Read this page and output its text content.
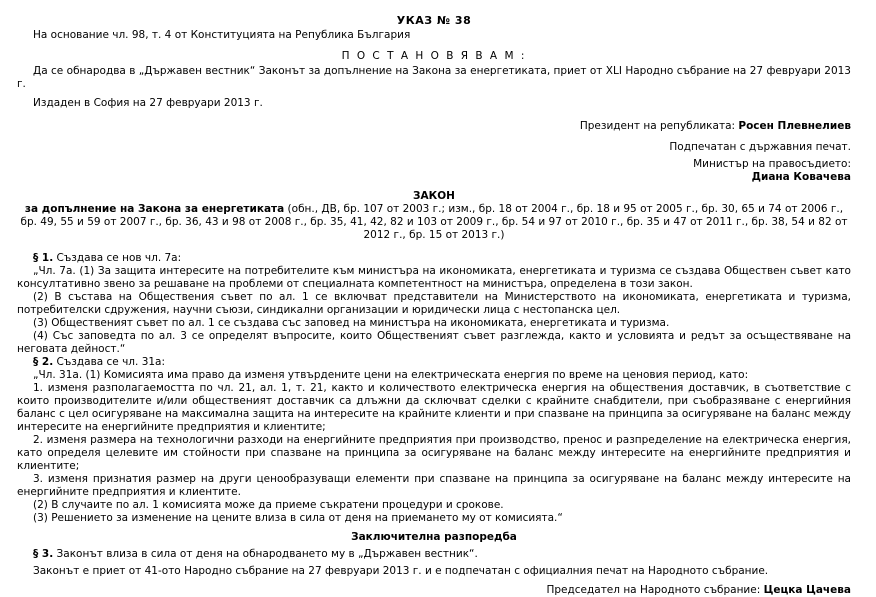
УКАЗ № 38

На основание чл. 98, т. 4 от Конституцията на Република България

П О С Т А Н О В Я В А М :

Да се обнародва в „Държавен вестник“ Законът за допълнение на Закона за енергетиката, приет от XLI Народно събрание на 27 февруари 2013 г.

Издаден в София на 27 февруари 2013 г.

Президент на републиката: Росен Плевнелиев

Подпечатан с държавния печат.

Министър на правосъдието:

Диана Ковачева

ЗАКОН

за допълнение на Закона за енергетиката (обн., ДВ, бр. 107 от 2003 г.; изм., бр. 18 от 2004 г., бр. 18 и 95 от 2005 г., бр. 30, 65 и 74 от 2006 г., бр. 49, 55 и 59 от 2007 г., бр. 36, 43 и 98 от 2008 г., бр. 35, 41, 42, 82 и 103 от 2009 г., бр. 54 и 97 от 2010 г., бр. 35 и 47 от 2011 г., бр. 38, 54 и 82 от 2012 г., бр. 15 от 2013 г.)

§ 1. Създава се нов чл. 7а:

„Чл. 7а. (1) За защита интересите на потребителите към министъра на икономиката, енергетиката и туризма се създава Обществен съвет като консултативно звено за решаване на проблеми от специалната компетентност на министъра, определена в този закон.

(2) В състава на Обществения съвет по ал. 1 се включват представители на Министерството на икономиката, енергетиката и туризма, потребителски сдружения, научни съюзи, синдикални организации и юридически лица с нестопанска цел.

(3) Общественият съвет по ал. 1 се създава със заповед на министъра на икономиката, енергетиката и туризма.

(4) Със заповедта по ал. 3 се определят въпросите, които Общественият съвет разглежда, както и условията и редът за осъществяване на неговата дейност.“

§ 2. Създава се чл. 31а:

„Чл. 31а. (1) Комисията има право да изменя утвърдените цени на електрическата енергия по време на ценовия период, като:

1. изменя разполагаемостта по чл. 21, ал. 1, т. 21, както и количеството електрическа енергия на обществения доставчик, в съответствие с които производителите и/или общественият доставчик са длъжни да сключват сделки с крайните снабдители, при съобразяване с енергийния баланс с цел осигуряване на максимална защита на интересите на крайните клиенти и при спазване на принципа за осигуряване на баланс между интересите на енергийните предприятия и клиентите;

2. изменя размера на технологични разходи на енергийните предприятия при производство, пренос и разпределение на електрическа енергия, като определя целевите им стойности при спазване на принципа за осигуряване на баланс между интересите на енергийните предприятия и клиентите;

3. изменя признатия размер на други ценообразуващи елементи при спазване на принципа за осигуряване на баланс между интересите на енергийните предприятия и клиентите.

(2) В случаите по ал. 1 комисията може да приеме съкратени процедури и срокове.

(3) Решението за изменение на цените влиза в сила от деня на приемането му от комисията.“

Заключителна разпоредба

§ 3. Законът влиза в сила от деня на обнародването му в „Държавен вестник“.

Законът е приет от 41-ото Народно събрание на 27 февруари 2013 г. и е подпечатан с официалния печат на Народното събрание.

Председател на Народното събрание: Цецка Цачева
